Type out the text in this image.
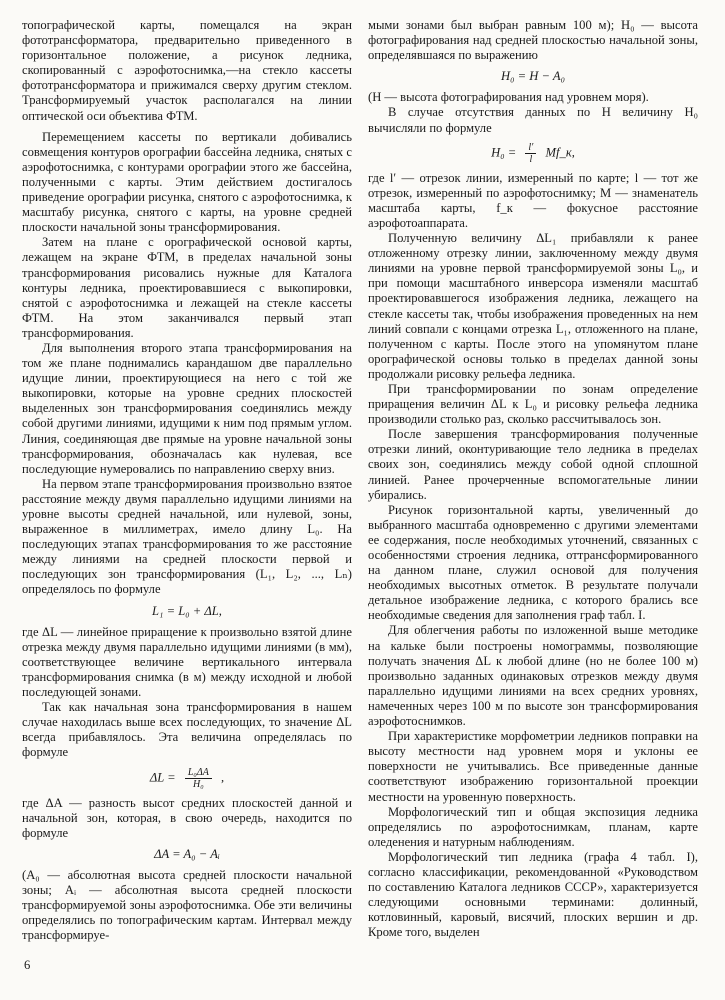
топографической карты, помещался на экран фототрансформатора, предварительно приведенного в горизонтальное положение, а рисунок ледника, скопированный с аэрофотоснимка,—на стекло кассеты фототрансформатора и прижимался сверху другим стеклом. Трансформируемый участок располагался на линии оптической оси объектива ФТМ.

Перемещением кассеты по вертикали добивались совмещения контуров орографии бассейна ледника, снятых с аэрофотоснимка, с контурами орографии этого же бассейна, полученными с карты. Этим действием достигалось приведение орографии рисунка, снятого с аэрофотоснимка, к масштабу рисунка, снятого с карты, на уровне средней плоскости начальной зоны трансформирования.

Затем на плане с орографической основой карты, лежащем на экране ФТМ, в пределах начальной зоны трансформирования рисовались нужные для Каталога контуры ледника, проектировавшиеся с выкопировки, снятой с аэрофотоснимка и лежащей на стекле кассеты ФТМ. На этом заканчивался первый этап трансформирования.

Для выполнения второго этапа трансформирования на том же плане поднимались карандашом две параллельно идущие линии, проектирующиеся на него с той же выкопировки, которые на уровне средних плоскостей выделенных зон трансформирования соединялись между собой другими линиями, идущими к ним под прямым углом. Линия, соединяющая две прямые на уровне начальной зоны трансформирования, обозначалась как нулевая, все последующие нумеровались по направлению сверху вниз.

На первом этапе трансформирования произвольно взятое расстояние между двумя параллельно идущими линиями на уровне высоты средней начальной, или нулевой, зоны, выраженное в миллиметрах, имело длину L₀. На последующих этапах трансформирования то же расстояние между линиями на средней плоскости первой и последующих зон трансформирования (L₁, L₂, ..., Lₙ) определялось по формуле

L₁ = L₀ + ΔL,

где ΔL — линейное приращение к произвольно взятой длине отрезка между двумя параллельно идущими линиями (в мм), соответствующее величине вертикального интервала трансформирования снимка (в м) между исходной и любой последующей зонами.

Так как начальная зона трансформирования в нашем случае находилась выше всех последующих, то значение ΔL всегда прибавлялось. Эта величина определялась по формуле

$\Delta L = \frac{\text{L₀ΔA}}{\text{H₀}}$ ,

где ΔA — разность высот средних плоскостей данной и начальной зон, которая, в свою очередь, находится по формуле

ΔA = A₀ − Aᵢ

(A₀ — абсолютная высота средней плоскости начальной зоны; Aᵢ — абсолютная высота средней плоскости трансформируемой зоны аэрофотоснимка. Обе эти величины определялись по топографическим картам. Интервал между трансформируе-

мыми зонами был выбран равным 100 м); H₀ — высота фотографирования над средней плоскостью начальной зоны, определявшаяся по выражению

H₀ = H − A₀

(H — высота фотографирования над уровнем моря).

В случае отсутствия данных по H величину H₀ вычисляли по формуле

$H_0 = \frac{l'}{l}$ Mf_к,

где l′ — отрезок линии, измеренный по карте; l — тот же отрезок, измеренный по аэрофотоснимку; M — знаменатель масштаба карты, f_к — фокусное расстояние аэрофотоаппарата.

Полученную величину ΔL₁ прибавляли к ранее отложенному отрезку линии, заключенному между двумя линиями на уровне первой трансформируемой зоны L₀, и при помощи масштабного инверсора изменяли масштаб проектировавшегося изображения ледника, лежащего на стекле кассеты так, чтобы изображения проведенных на нем линий совпали с концами отрезка L₁, отложенного на плане, полученном с карты. После этого на упомянутом плане орографической основы только в пределах данной зоны продолжали рисовку рельефа ледника.

При трансформировании по зонам определение приращения величин ΔL к L₀ и рисовку рельефа ледника производили столько раз, сколько рассчитывалось зон.

После завершения трансформирования полученные отрезки линий, оконтуривающие тело ледника в пределах своих зон, соединялись между собой одной сплошной линией. Ранее прочерченные вспомогательные линии убирались.

Рисунок горизонтальной карты, увеличенный до выбранного масштаба одновременно с другими элементами ее содержания, после необходимых уточнений, связанных с особенностями строения ледника, оттрансформированного на данном плане, служил основой для получения необходимых высотных отметок. В результате получали детальное изображение ледника, с которого брались все необходимые сведения для заполнения граф табл. I.

Для облегчения работы по изложенной выше методике на кальке были построены номограммы, позволяющие получать значения ΔL к любой длине (но не более 100 м) произвольно заданных одинаковых отрезков между двумя параллельно идущими линиями на всех средних уровнях, намеченных через 100 м по высоте зон трансформирования аэрофотоснимков.

При характеристике морфометрии ледников поправки на высоту местности над уровнем моря и уклоны ее поверхности не учитывались. Все приведенные данные соответствуют изображению горизонтальной проекции местности на уровенную поверхность.

Морфологический тип и общая экспозиция ледника определялись по аэрофотоснимкам, планам, карте оледенения и натурным наблюдениям.

Морфологический тип ледника (графа 4 табл. I), согласно классификации, рекомендованной «Руководством по составлению Каталога ледников СССР», характеризуется следующими основными терминами: долинный, котловинный, каровый, висячий, плоских вершин и др. Кроме того, выделен

6
